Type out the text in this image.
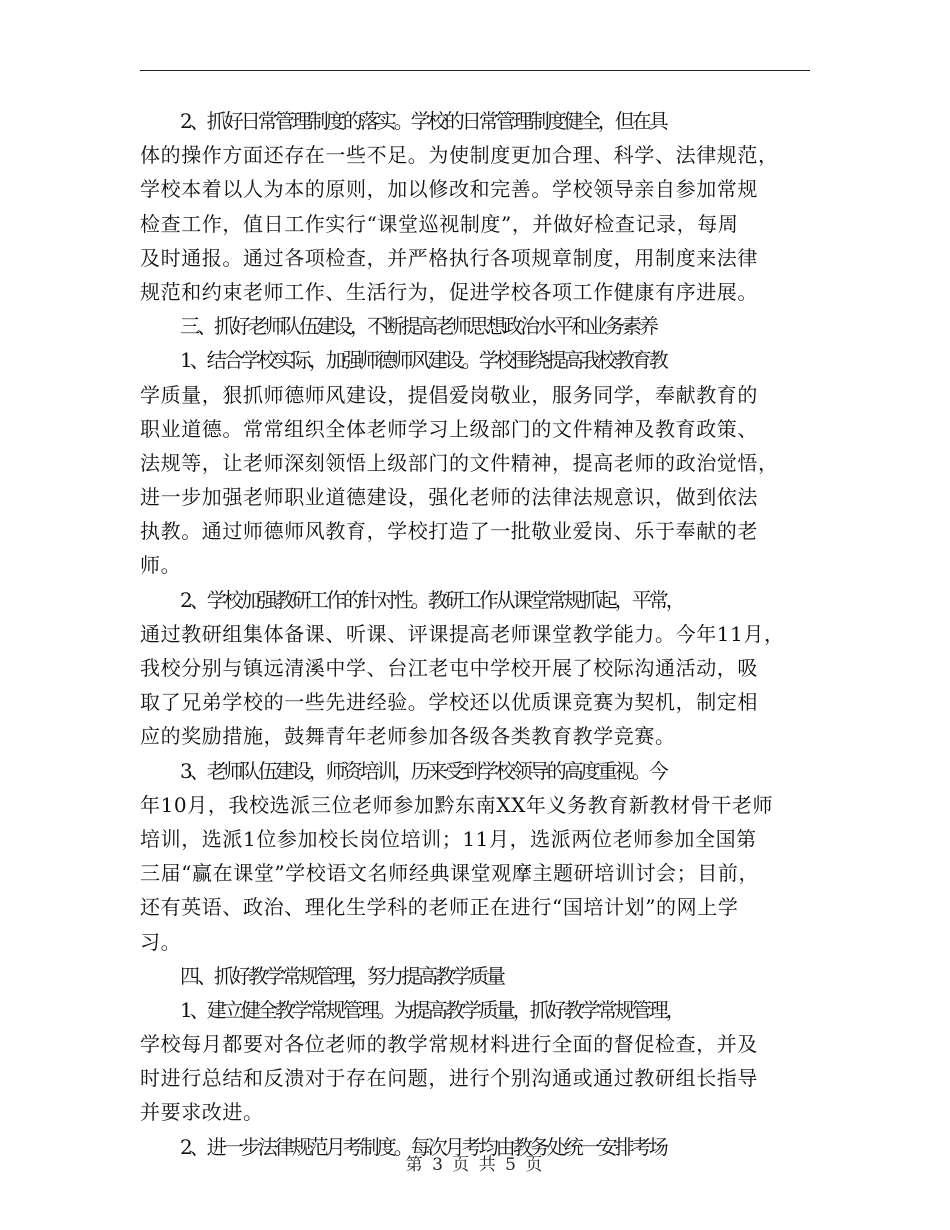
2、抓好日常管理制度的落实。学校的日常管理制度健全，但在具
体的操作方面还存在一些不足。为使制度更加合理、科学、法律规范，
学校本着以人为本的原则，加以修改和完善。学校领导亲自参加常规
检查工作，值日工作实行“课堂巡视制度”，并做好检查记录，每周
及时通报。通过各项检查，并严格执行各项规章制度，用制度来法律
规范和约束老师工作、生活行为，促进学校各项工作健康有序进展。
三、抓好老师队伍建设，不断提高老师思想政治水平和业务素养
1、结合学校实际，加强师德师风建设。学校围绕提高我校教育教
学质量，狠抓师德师风建设，提倡爱岗敬业，服务同学，奉献教育的
职业道德。常常组织全体老师学习上级部门的文件精神及教育政策、
法规等，让老师深刻领悟上级部门的文件精神，提高老师的政治觉悟，
进一步加强老师职业道德建设，强化老师的法律法规意识，做到依法
执教。通过师德师风教育，学校打造了一批敬业爱岗、乐于奉献的老
师。
2、学校加强教研工作的针对性。教研工作从课堂常规抓起，平常，
通过教研组集体备课、听课、评课提高老师课堂教学能力。今年11月，
我校分别与镇远清溪中学、台江老屯中学校开展了校际沟通活动，吸
取了兄弟学校的一些先进经验。学校还以优质课竞赛为契机，制定相
应的奖励措施，鼓舞青年老师参加各级各类教育教学竞赛。
3、老师队伍建设，师资培训，历来受到学校领导的高度重视。今
年10月，我校选派三位老师参加黔东南XX年义务教育新教材骨干老师
培训，选派1位参加校长岗位培训；11月，选派两位老师参加全国第
三届“赢在课堂”学校语文名师经典课堂观摩主题研培训讨会；目前，
还有英语、政治、理化生学科的老师正在进行“国培计划”的网上学
习。
四、抓好教学常规管理，努力提高教学质量
1、建立健全教学常规管理。为提高教学质量，抓好教学常规管理，
学校每月都要对各位老师的教学常规材料进行全面的督促检查，并及
时进行总结和反溃对于存在问题，进行个别沟通或通过教研组长指导
并要求改进。
2、进一步法律规范月考制度。每次月考均由教务处统一安排考场
第 3 页 共 5 页
